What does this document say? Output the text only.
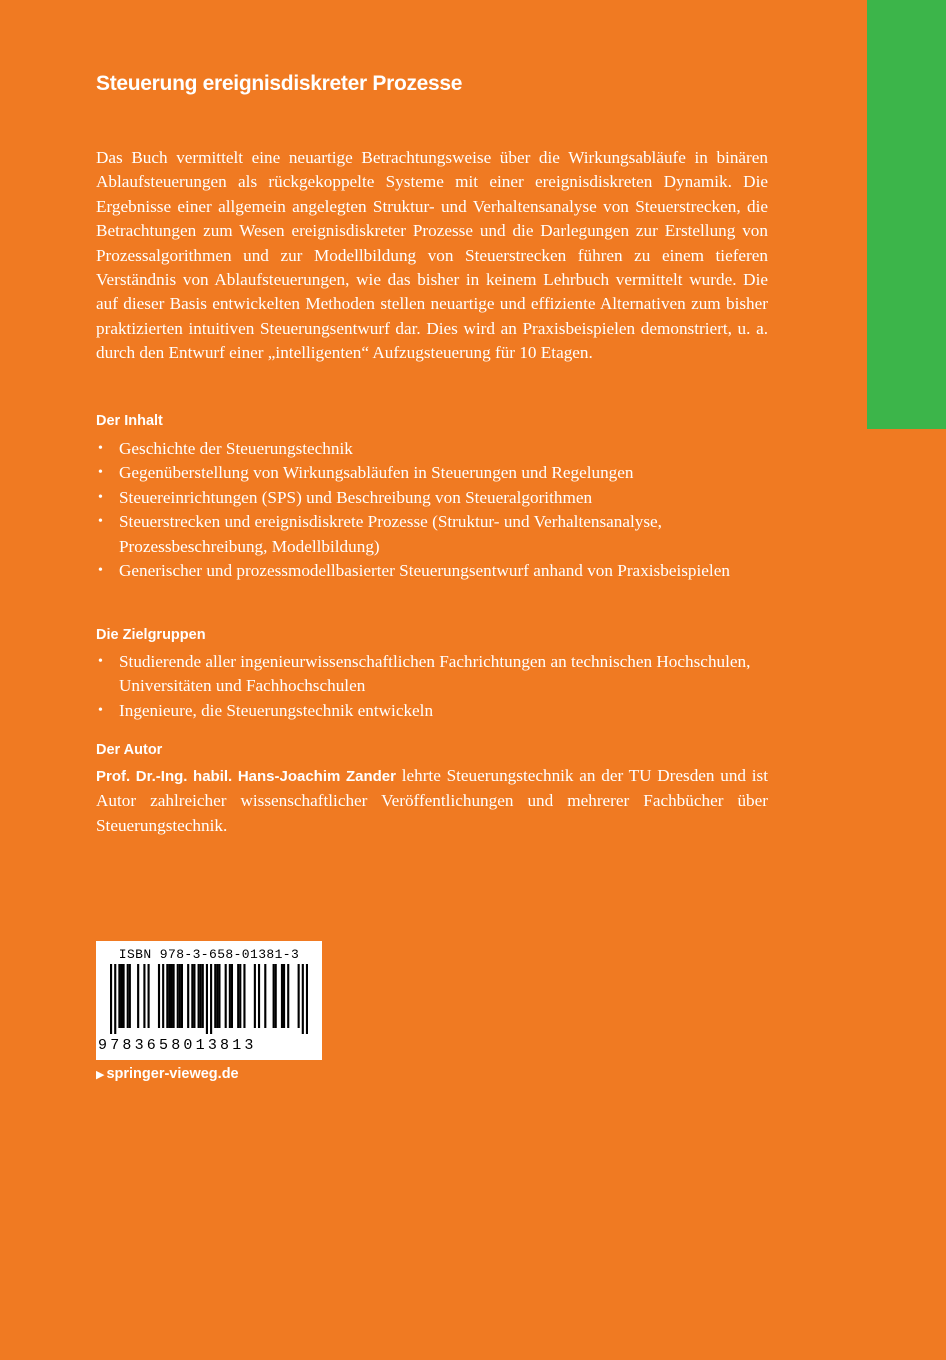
Steuerung ereignisdiskreter Prozesse
Das Buch vermittelt eine neuartige Betrachtungsweise über die Wirkungsabläufe in binären Ablaufsteuerungen als rückgekoppelte Systeme mit einer ereignisdiskreten Dynamik. Die Ergebnisse einer allgemein angelegten Struktur- und Verhaltensanalyse von Steuerstrecken, die Betrachtungen zum Wesen ereignisdiskreter Prozesse und die Darlegungen zur Erstellung von Prozessalgorithmen und zur Modellbildung von Steuerstrecken führen zu einem tieferen Verständnis von Ablaufsteuerungen, wie das bisher in keinem Lehrbuch vermittelt wurde. Die auf dieser Basis entwickelten Methoden stellen neuartige und effiziente Alternativen zum bisher praktizierten intuitiven Steuerungsentwurf dar. Dies wird an Praxisbeispielen demonstriert, u. a. durch den Entwurf einer „intelligenten“ Aufzugsteuerung für 10 Etagen.
Der Inhalt
• Geschichte der Steuerungstechnik
• Gegenüberstellung von Wirkungsabläufen in Steuerungen und Regelungen
• Steuereinrichtungen (SPS) und Beschreibung von Steueralgorithmen
• Steuerstrecken und ereignisdiskrete Prozesse (Struktur- und Verhaltensanalyse, Prozessbeschreibung, Modellbildung)
• Generischer und prozessmodellbasierter Steuerungsentwurf anhand von Praxisbeispielen
Die Zielgruppen
• Studierende aller ingenieurwissenschaftlichen Fachrichtungen an technischen Hochschulen, Universitäten und Fachhochschulen
• Ingenieure, die Steuerungstechnik entwickeln
Der Autor
Prof. Dr.-Ing. habil. Hans-Joachim Zander lehrte Steuerungstechnik an der TU Dresden und ist Autor zahlreicher wissenschaftlicher Veröffentlichungen und mehrerer Fachbücher über Steuerungstechnik.
ISBN 978-3-658-01381-3
9783658013813
▶ springer-vieweg.de
